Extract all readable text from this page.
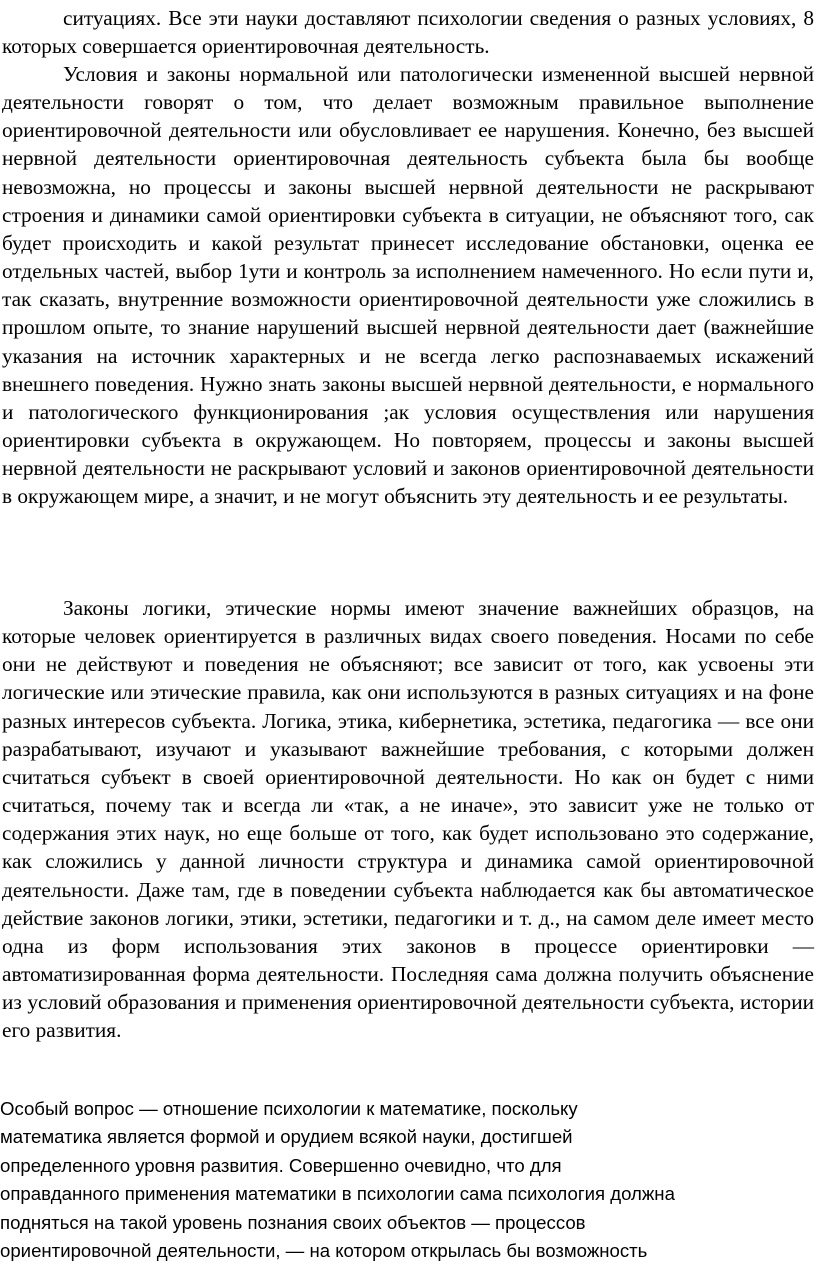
ситуациях. Все эти науки доставляют психологии сведения о разных условиях, 8 которых совершается ориентировочная деятельность.

Условия и законы нормальной или патологически измененной высшей нервной деятельности говорят о том, что делает возможным правильное выполнение ориентировочной деятельности или обусловливает ее нарушения. Конечно, без высшей нервной деятельности ориентировочная деятельность субъекта была бы вообще невозможна, но процессы и законы высшей нервной деятельности не раскрывают строения и динамики самой ориентировки субъекта в ситуации, не объясняют того, сак будет происходить и какой результат принесет исследование обстановки, оценка ее отдельных частей, выбор 1ути и контроль за исполнением намеченного. Но если пути и, так сказать, внутренние возможности ориентировочной деятельности уже сложились в прошлом опыте, то знание нарушений высшей нервной деятельности дает (важнейшие указания на источник характерных и не всегда легко распознаваемых искажений внешнего поведения. Нужно знать законы высшей нервной деятельности, е нормального и патологического функционирования ;ак условия осуществления или нарушения ориентировки субъекта в окружающем. Но повторяем, процессы и законы высшей нервной деятельности не раскрывают условий и законов ориентировочной деятельности в окружающем мире, а значит, и не могут объяснить эту деятельность и ее результаты.

Законы логики, этические нормы имеют значение важнейших образцов, на которые человек ориентируется в различных видах своего поведения. Носами по себе они не действуют и поведения не объясняют; все зависит от того, как усвоены эти логические или этические правила, как они используются в разных ситуациях и на фоне разных интересов субъекта. Логика, этика, кибернетика, эстетика, педагогика — все они разрабатывают, изучают и указывают важнейшие требования, с которыми должен считаться субъект в своей ориентировочной деятельности. Но как он будет с ними считаться, почему так и всегда ли «так, а не иначе», это зависит уже не только от содержания этих наук, но еще больше от того, как будет использовано это содержание, как сложились у данной личности структура и динамика самой ориентировочной деятельности. Даже там, где в поведении субъекта наблюдается как бы автоматическое действие законов логики, этики, эстетики, педагогики и т. д., на самом деле имеет место одна из форм использования этих законов в процессе ориентировки — автоматизированная форма деятельности. Последняя сама должна получить объяснение из условий образования и применения ориентировочной деятельности субъекта, истории его развития.

Особый вопрос — отношение психологии к математике, поскольку
математика является формой и орудием всякой науки, достигшей
определенного уровня развития. Совершенно очевидно, что для
оправданного применения математики в психологии сама психология должна
подняться на такой уровень познания своих объектов — процессов
ориентировочной деятельности, — на котором открылась бы возможность
